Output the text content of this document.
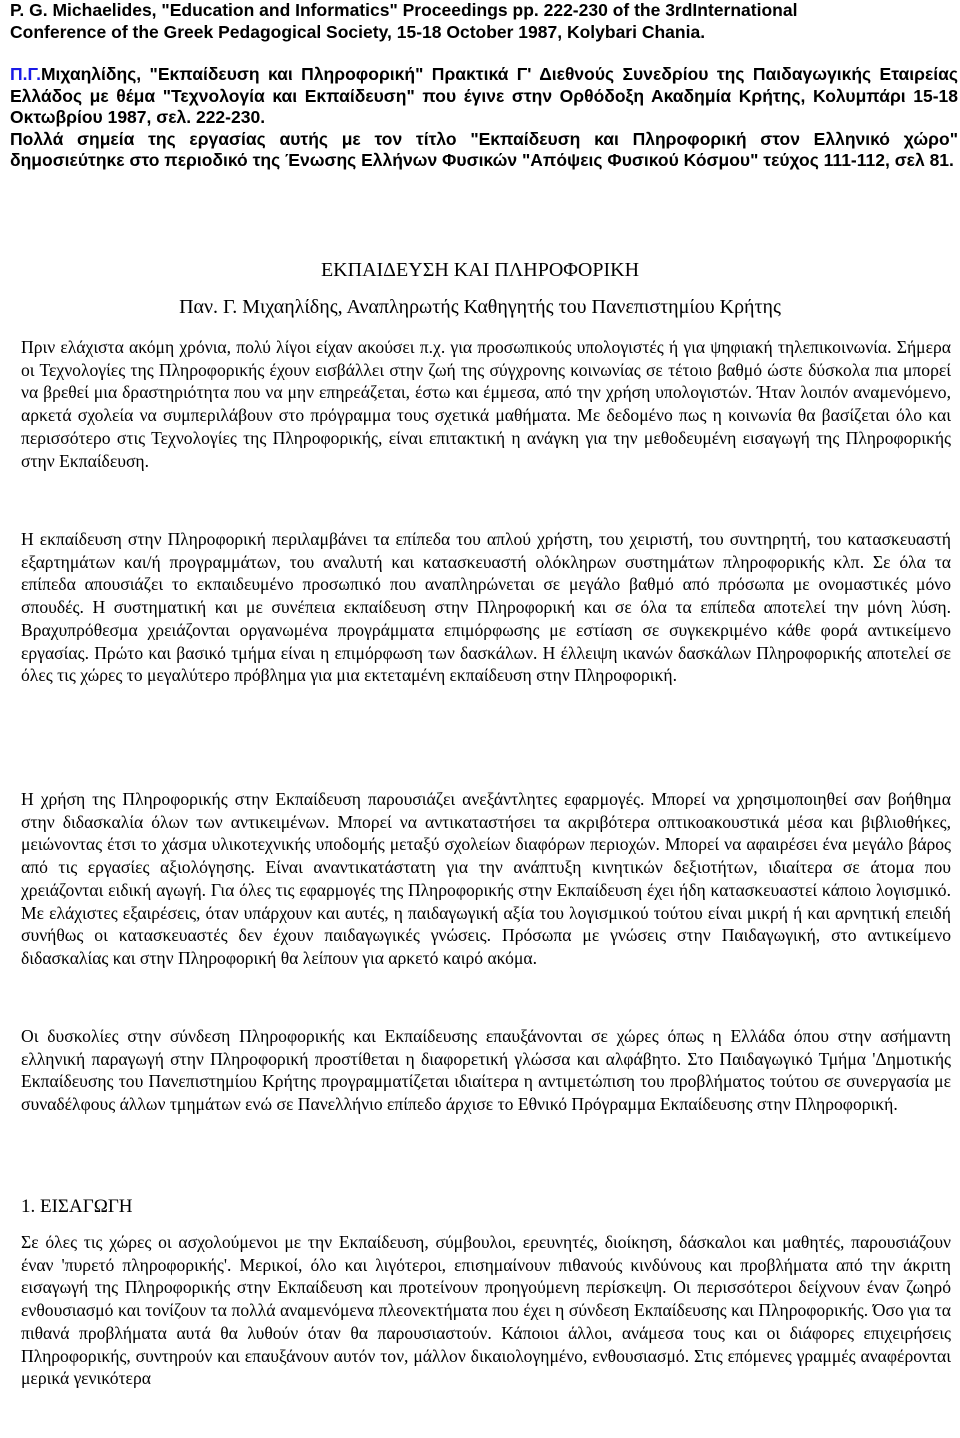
P. G. Michaelides, "Education and Informatics" Proceedings pp. 222-230 of the 3rdInternational
Conference of the Greek Pedagogical Society, 15-18 October 1987, Kolybari Chania.
Π.Γ.Μιχαηλίδης, "Εκπαίδευση και Πληροφορική" Πρακτικά Γ' Διεθνούς Συνεδρίου της Παιδαγωγικής Εταιρείας Ελλάδος με θέμα "Τεχνολογία και Εκπαίδευση" που έγινε στην Ορθόδοξη Ακαδημία Κρήτης, Κολυμπάρι 15-18 Οκτωβρίου 1987, σελ. 222-230.
Πολλά σημεία της εργασίας αυτής με τον τίτλο "Εκπαίδευση και Πληροφορική στον Ελληνικό χώρο" δημοσιεύτηκε στο περιοδικό της Ένωσης Ελλήνων Φυσικών "Απόψεις Φυσικού Κόσμου" τεύχος 111-112, σελ 81.
ΕΚΠΑΙΔΕΥΣΗ ΚΑΙ ΠΛΗΡΟΦΟΡΙΚΗ
Παν. Γ. Μιχαηλίδης, Αναπληρωτής Καθηγητής του Πανεπιστημίου Κρήτης
Πριν ελάχιστα ακόμη χρόνια, πολύ λίγοι είχαν ακούσει π.χ. για προσωπικούς υπολογιστές ή για ψηφιακή τηλεπικοινωνία. Σήμερα οι Τεχνολογίες της Πληροφορικής έχουν εισβάλλει στην ζωή της σύγχρονης κοινωνίας σε τέτοιο βαθμό ώστε δύσκολα πια μπορεί να βρεθεί μια δραστηριότητα που να μην επηρεάζεται, έστω και έμμεσα, από την χρήση υπολογιστών. Ήταν λοιπόν αναμενόμενο, αρκετά σχολεία να συμπεριλάβουν στο πρόγραμμα τους σχετικά μαθήματα. Με δεδομένο πως η κοινωνία θα βασίζεται όλο και περισσότερο στις Τεχνολογίες της Πληροφορικής, είναι επιτακτική η ανάγκη για την μεθοδευμένη εισαγωγή της Πληροφορικής στην Εκπαίδευση.
Η εκπαίδευση στην Πληροφορική περιλαμβάνει τα επίπεδα του απλού χρήστη, του χειριστή, του συντηρητή, του κατασκευαστή εξαρτημάτων και/ή προγραμμάτων, του αναλυτή και κατασκευαστή ολόκληρων συστημάτων πληροφορικής κλπ. Σε όλα τα επίπεδα απουσιάζει το εκπαιδευμένο προσωπικό που αναπληρώνεται σε μεγάλο βαθμό από πρόσωπα με ονομαστικές μόνο σπουδές. Η συστηματική και με συνέπεια εκπαίδευση στην Πληροφορική και σε όλα τα επίπεδα αποτελεί την μόνη λύση. Βραχυπρόθεσμα χρειάζονται οργανωμένα προγράμματα επιμόρφωσης με εστίαση σε συγκεκριμένο κάθε φορά αντικείμενο εργασίας. Πρώτο και βασικό τμήμα είναι η επιμόρφωση των δασκάλων. Η έλλειψη ικανών δασκάλων Πληροφορικής αποτελεί σε όλες τις χώρες το μεγαλύτερο πρόβλημα για μια εκτεταμένη εκπαίδευση στην Πληροφορική.
Η χρήση της Πληροφορικής στην Εκπαίδευση παρουσιάζει ανεξάντλητες εφαρμογές. Μπορεί να χρησιμοποιηθεί σαν βοήθημα στην διδασκαλία όλων των αντικειμένων. Μπορεί να αντικαταστήσει τα ακριβότερα οπτικοακουστικά μέσα και βιβλιοθήκες, μειώνοντας έτσι το χάσμα υλικοτεχνικής υποδομής μεταξύ σχολείων διαφόρων περιοχών. Μπορεί να αφαιρέσει ένα μεγάλο βάρος από τις εργασίες αξιολόγησης. Είναι αναντικατάστατη για την ανάπτυξη κινητικών δεξιοτήτων, ιδιαίτερα σε άτομα που χρειάζονται ειδική αγωγή. Για όλες τις εφαρμογές της Πληροφορικής στην Εκπαίδευση έχει ήδη κατασκευαστεί κάποιο λογισμικό. Με ελάχιστες εξαιρέσεις, όταν υπάρχουν και αυτές, η παιδαγωγική αξία του λογισμικού τούτου είναι μικρή ή και αρνητική επειδή συνήθως οι κατασκευαστές δεν έχουν παιδαγωγικές γνώσεις. Πρόσωπα με γνώσεις στην Παιδαγωγική, στο αντικείμενο διδασκαλίας και στην Πληροφορική θα λείπουν για αρκετό καιρό ακόμα.
Οι δυσκολίες στην σύνδεση Πληροφορικής και Εκπαίδευσης επαυξάνονται σε χώρες όπως η Ελλάδα όπου στην ασήμαντη ελληνική παραγωγή στην Πληροφορική προστίθεται η διαφορετική γλώσσα και αλφάβητο. Στο Παιδαγωγικό Τμήμα 'Δημοτικής Εκπαίδευσης του Πανεπιστημίου Κρήτης προγραμματίζεται ιδιαίτερα η αντιμετώπιση του προβλήματος τούτου σε συνεργασία με συναδέλφους άλλων τμημάτων ενώ σε Πανελλήνιο επίπεδο άρχισε το Εθνικό Πρόγραμμα Εκπαίδευσης στην Πληροφορική.
1. ΕΙΣΑΓΩΓΗ
Σε όλες τις χώρες οι ασχολούμενοι με την Εκπαίδευση, σύμβουλοι, ερευνητές, διοίκηση, δάσκαλοι και μαθητές, παρουσιάζουν έναν 'πυρετό πληροφορικής'. Μερικοί, όλο και λιγότεροι, επισημαίνουν πιθανούς κινδύνους και προβλήματα από την άκριτη εισαγωγή της Πληροφορικής στην Εκπαίδευση και προτείνουν προηγούμενη περίσκεψη. Οι περισσότεροι δείχνουν έναν ζωηρό ενθουσιασμό και τονίζουν τα πολλά αναμενόμενα πλεονεκτήματα που έχει η σύνδεση Εκπαίδευσης και Πληροφορικής. Όσο για τα πιθανά προβλήματα αυτά θα λυθούν όταν θα παρουσιαστούν. Κάποιοι άλλοι, ανάμεσα τους και οι διάφορες επιχειρήσεις Πληροφορικής, συντηρούν και επαυξάνουν αυτόν τον, μάλλον δικαιολογημένο, ενθουσιασμό. Στις επόμενες γραμμές αναφέρονται μερικά γενικότερα
